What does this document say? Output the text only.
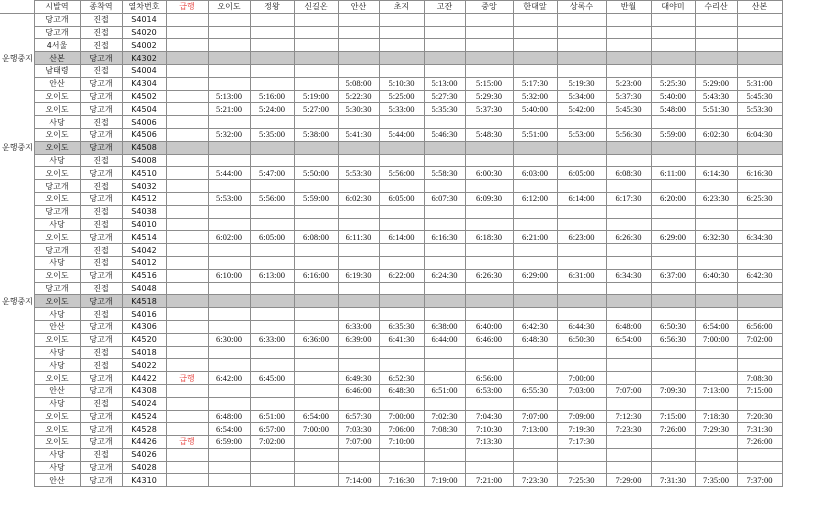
	시발역	종착역	열차번호	급행	오이도	정왕	신길온	안산	초지	고잔	중앙	한대앞	상록수	반월	대야미	수리산	산본
	당고개	진접	S4014														
	당고개	진접	S4020														
	4서울	진접	S4002														
운행중지	산본	당고개	K4302														
	남태령	진접	S4004														
	안산	당고개	K4304					5:08:00	5:10:30	5:13:00	5:15:00	5:17:30	5:19:30	5:23:00	5:25:30	5:29:00	5:31:00
	오이도	당고개	K4502		5:13:00	5:16:00	5:19:00	5:22:30	5:25:00	5:27:30	5:29:30	5:32:00	5:34:00	5:37:30	5:40:00	5:43:30	5:45:30
	오이도	당고개	K4504		5:21:00	5:24:00	5:27:00	5:30:30	5:33:00	5:35:30	5:37:30	5:40:00	5:42:00	5:45:30	5:48:00	5:51:30	5:53:30
	사당	진접	S4006														
	오이도	당고개	K4506		5:32:00	5:35:00	5:38:00	5:41:30	5:44:00	5:46:30	5:48:30	5:51:00	5:53:00	5:56:30	5:59:00	6:02:30	6:04:30
운행중지	오이도	당고개	K4508														
	사당	진접	S4008														
	오이도	당고개	K4510		5:44:00	5:47:00	5:50:00	5:53:30	5:56:00	5:58:30	6:00:30	6:03:00	6:05:00	6:08:30	6:11:00	6:14:30	6:16:30
	당고개	진접	S4032														
	오이도	당고개	K4512		5:53:00	5:56:00	5:59:00	6:02:30	6:05:00	6:07:30	6:09:30	6:12:00	6:14:00	6:17:30	6:20:00	6:23:30	6:25:30
	당고개	진접	S4038														
	사당	진접	S4010														
	오이도	당고개	K4514		6:02:00	6:05:00	6:08:00	6:11:30	6:14:00	6:16:30	6:18:30	6:21:00	6:23:00	6:26:30	6:29:00	6:32:30	6:34:30
	당고개	진접	S4042														
	사당	진접	S4012														
	오이도	당고개	K4516		6:10:00	6:13:00	6:16:00	6:19:30	6:22:00	6:24:30	6:26:30	6:29:00	6:31:00	6:34:30	6:37:00	6:40:30	6:42:30
	당고개	진접	S4048														
운행중지	오이도	당고개	K4518														
	사당	진접	S4016														
	안산	당고개	K4306					6:33:00	6:35:30	6:38:00	6:40:00	6:42:30	6:44:30	6:48:00	6:50:30	6:54:00	6:56:00
	오이도	당고개	K4520		6:30:00	6:33:00	6:36:00	6:39:00	6:41:30	6:44:00	6:46:00	6:48:30	6:50:30	6:54:00	6:56:30	7:00:00	7:02:00
	사당	진접	S4018														
	사당	진접	S4022														
	오이도	당고개	K4422	급행	6:42:00	6:45:00		6:49:30	6:52:30		6:56:00		7:00:00				7:08:30
	안산	당고개	K4308					6:46:00	6:48:30	6:51:00	6:53:00	6:55:30	7:03:00	7:07:00	7:09:30	7:13:00	7:15:00
	사당	진접	S4024														
	오이도	당고개	K4524		6:48:00	6:51:00	6:54:00	6:57:30	7:00:00	7:02:30	7:04:30	7:07:00	7:09:00	7:12:30	7:15:00	7:18:30	7:20:30
	오이도	당고개	K4528		6:54:00	6:57:00	7:00:00	7:03:30	7:06:00	7:08:30	7:10:30	7:13:00	7:19:30	7:23:30	7:26:00	7:29:30	7:31:30
	오이도	당고개	K4426	급행	6:59:00	7:02:00		7:07:00	7:10:00		7:13:30		7:17:30				7:26:00
	사당	진접	S4026														
	사당	당고개	S4028														
	안산	당고개	K4310					7:14:00	7:16:30	7:19:00	7:21:00	7:23:30	7:25:30	7:29:00	7:31:30	7:35:00	7:37:00
